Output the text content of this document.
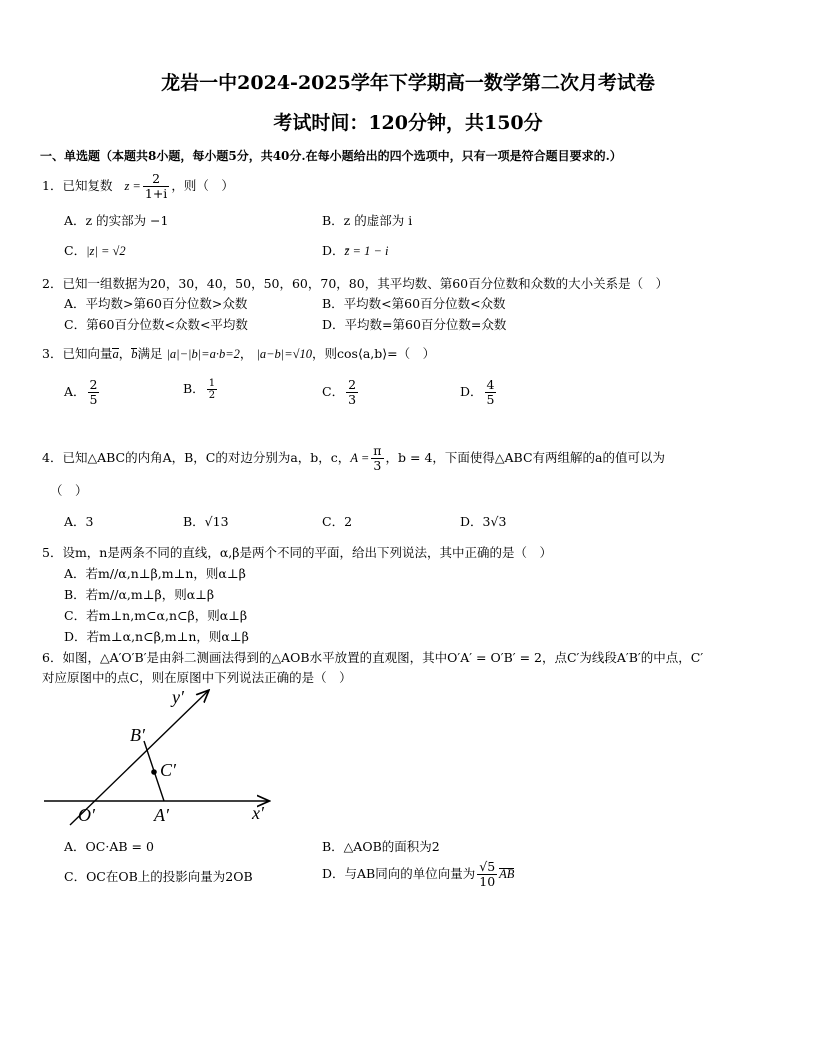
龙岩一中2024-2025学年下学期高一数学第二次月考试卷
考试时间：120分钟，共150分
一、单选题（本题共8小题，每小题5分，共40分.在每小题给出的四个选项中，只有一项是符合题目要求的.）
1．已知复数 $z = \frac{2}{1+i}$ ，则（　）
A．z 的实部为 −1	B．z 的虚部为 i
C．|z| = √2	D．z̄ = 1 − i
2．已知一组数据为20，30，40，50，50，60，70，80，其平均数、第60百分位数和众数的大小关系是（　）
A．平均数>第60百分位数>众数	B．平均数<第60百分位数<众数
C．第60百分位数<众数<平均数	D．平均数=第60百分位数=众数
3．已知向量a，b满足 |a|−|b|=a·b=2， |a−b|=√10，则cos⟨a,b⟩=（　）
A． $\frac{2}{5}$	B． $\frac{1}{2}$	C． $\frac{2}{3}$	D． $\frac{4}{5}$
4．已知△ABC的内角A，B，C的对边分别为a，b，c，$A = \frac{\pi}{3}$ ，b = 4，下面使得△ABC有两组解的a的值可以为
（　）
A．3	B．√13	C．2	D．3√3
5．设m，n是两条不同的直线，α,β是两个不同的平面，给出下列说法，其中正确的是（　）
A．若m//α,n⊥β,m⊥n，则α⊥β
B．若m//α,m⊥β，则α⊥β
C．若m⊥n,m⊂α,n⊂β，则α⊥β
D．若m⊥α,n⊂β,m⊥n，则α⊥β
6．如图，△A′O′B′是由斜二测画法得到的△AOB水平放置的直观图，其中O′A′ = O′B′ = 2，点C′为线段A′B′的中点，C′
对应原图中的点C，则在原图中下列说法正确的是（　）
y′
B′
C′
O′	A′	x′
A．OC·AB = 0	B．△AOB的面积为2
C．OC在OB上的投影向量为2OB	D．与AB同向的单位向量为 $\frac{√5}{10}$ AB
